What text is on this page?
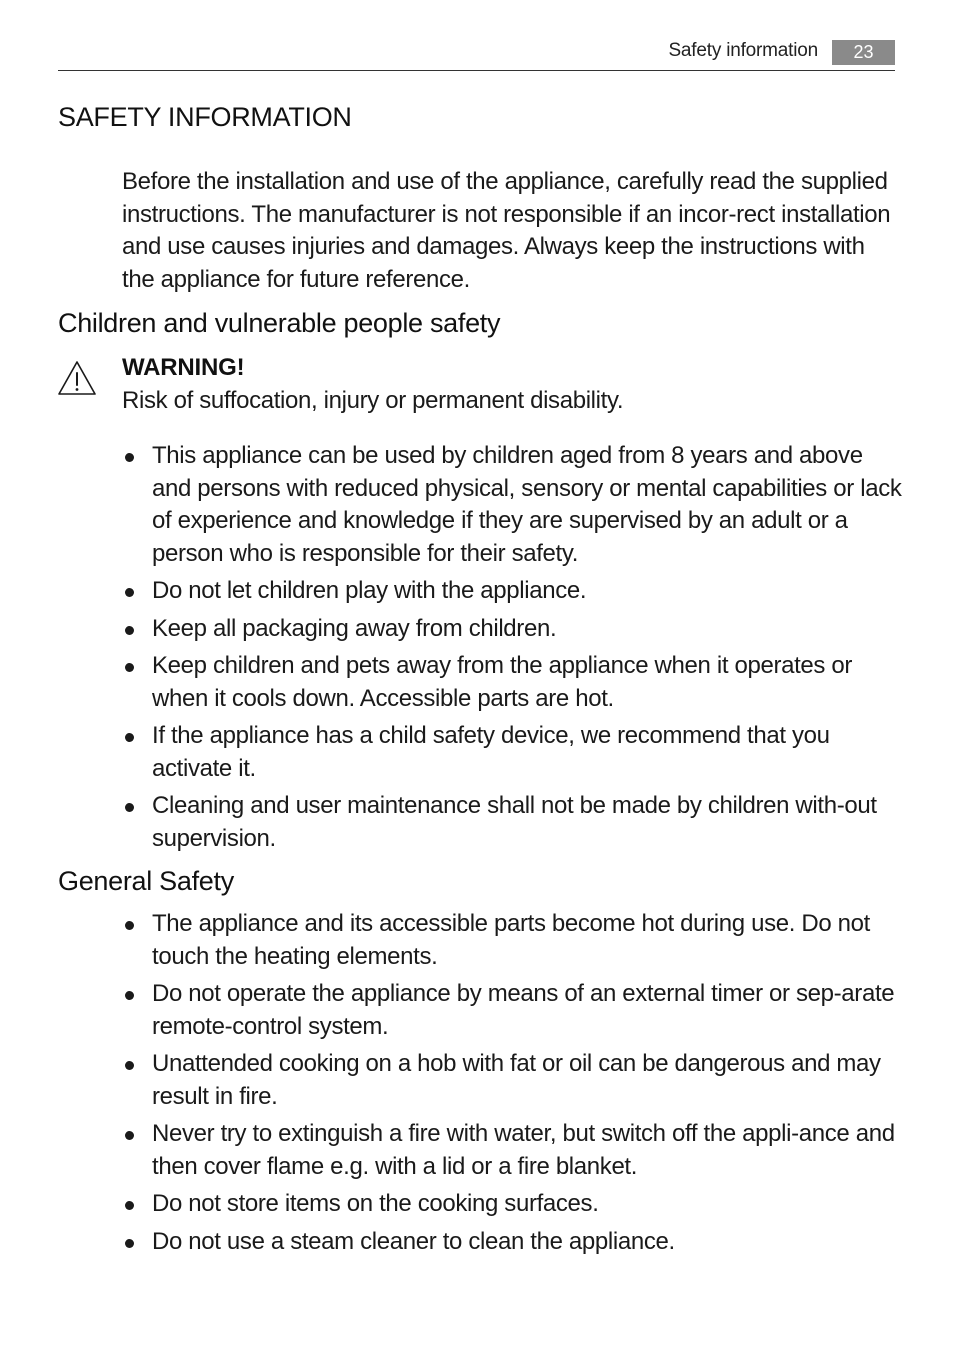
Safety information	23
SAFETY INFORMATION
Before the installation and use of the appliance, carefully read the supplied instructions. The manufacturer is not responsible if an incor-rect installation and use causes injuries and damages. Always keep the instructions with the appliance for future reference.
Children and vulnerable people safety
WARNING!
Risk of suffocation, injury or permanent disability.
This appliance can be used by children aged from 8 years and above and persons with reduced physical, sensory or mental capabilities or lack of experience and knowledge if they are supervised by an adult or a person who is responsible for their safety.
Do not let children play with the appliance.
Keep all packaging away from children.
Keep children and pets away from the appliance when it operates or when it cools down. Accessible parts are hot.
If the appliance has a child safety device, we recommend that you activate it.
Cleaning and user maintenance shall not be made by children with-out supervision.
General Safety
The appliance and its accessible parts become hot during use. Do not touch the heating elements.
Do not operate the appliance by means of an external timer or sep-arate remote-control system.
Unattended cooking on a hob with fat or oil can be dangerous and may result in fire.
Never try to extinguish a fire with water, but switch off the appli-ance and then cover flame e.g. with a lid or a fire blanket.
Do not store items on the cooking surfaces.
Do not use a steam cleaner to clean the appliance.
